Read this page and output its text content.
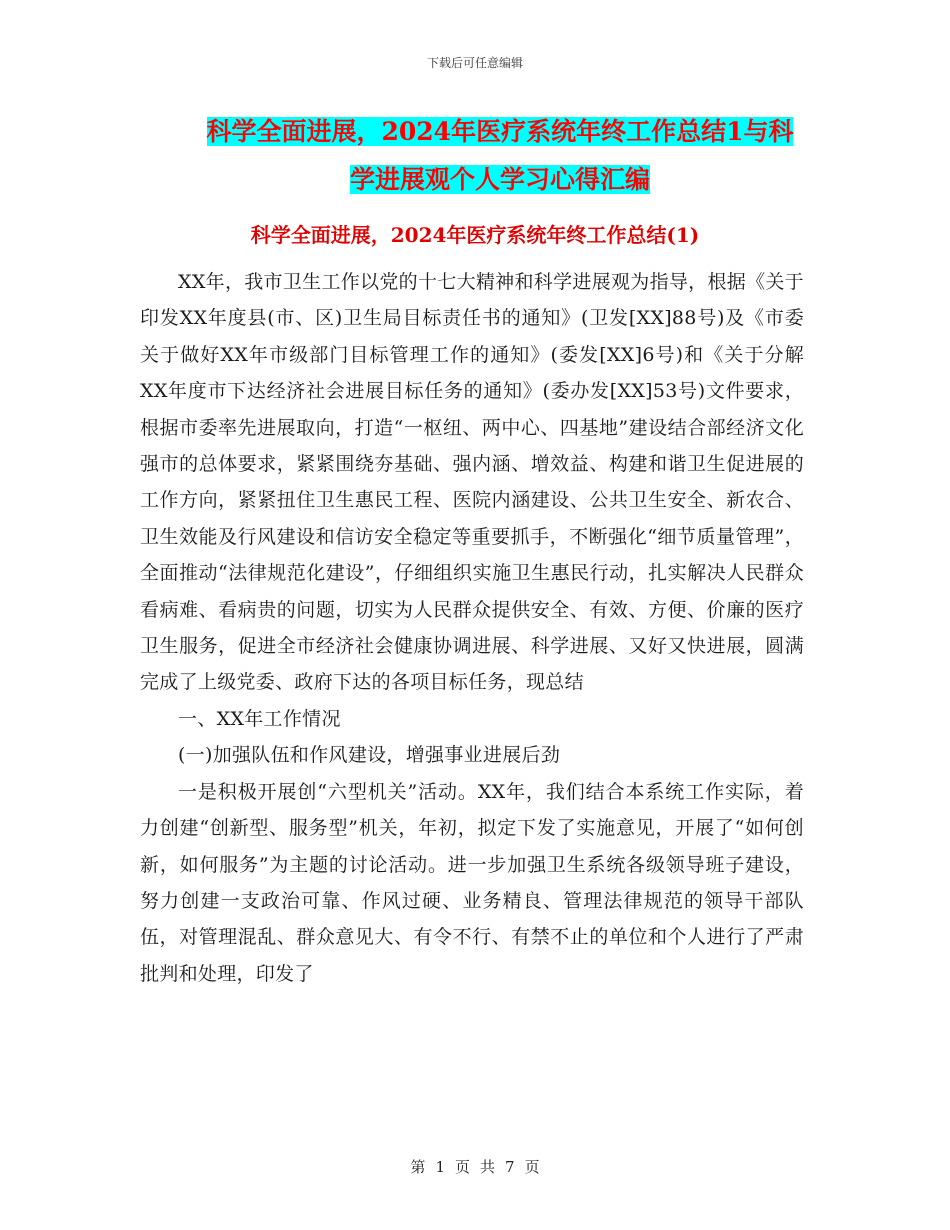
下载后可任意编辑
科学全面进展，2024年医疗系统年终工作总结1与科
学进展观个人学习心得汇编
科学全面进展，2024年医疗系统年终工作总结(1)

XX年，我市卫生工作以党的十七大精神和科学进展观为指导，根据《关于印发XX年度县(市、区)卫生局目标责任书的通知》(卫发[XX]88号)及《市委关于做好XX年市级部门目标管理工作的通知》(委发[XX]6号)和《关于分解XX年度市下达经济社会进展目标任务的通知》(委办发[XX]53号)文件要求，根据市委率先进展取向，打造“一枢纽、两中心、四基地”建设结合部经济文化强市的总体要求，紧紧围绕夯基础、强内涵、增效益、构建和谐卫生促进展的工作方向，紧紧扭住卫生惠民工程、医院内涵建设、公共卫生安全、新农合、卫生效能及行风建设和信访安全稳定等重要抓手，不断强化“细节质量管理”，全面推动“法律规范化建设”，仔细组织实施卫生惠民行动，扎实解决人民群众看病难、看病贵的问题，切实为人民群众提供安全、有效、方便、价廉的医疗卫生服务，促进全市经济社会健康协调进展、科学进展、又好又快进展，圆满完成了上级党委、政府下达的各项目标任务，现总结

一、XX年工作情况

(一)加强队伍和作风建设，增强事业进展后劲

一是积极开展创“六型机关”活动。XX年，我们结合本系统工作实际，着力创建“创新型、服务型”机关，年初，拟定下发了实施意见，开展了“如何创新，如何服务”为主题的讨论活动。进一步加强卫生系统各级领导班子建设，努力创建一支政治可靠、作风过硬、业务精良、管理法律规范的领导干部队伍，对管理混乱、群众意见大、有令不行、有禁不止的单位和个人进行了严肃批判和处理，印发了

第 1 页 共 7 页
